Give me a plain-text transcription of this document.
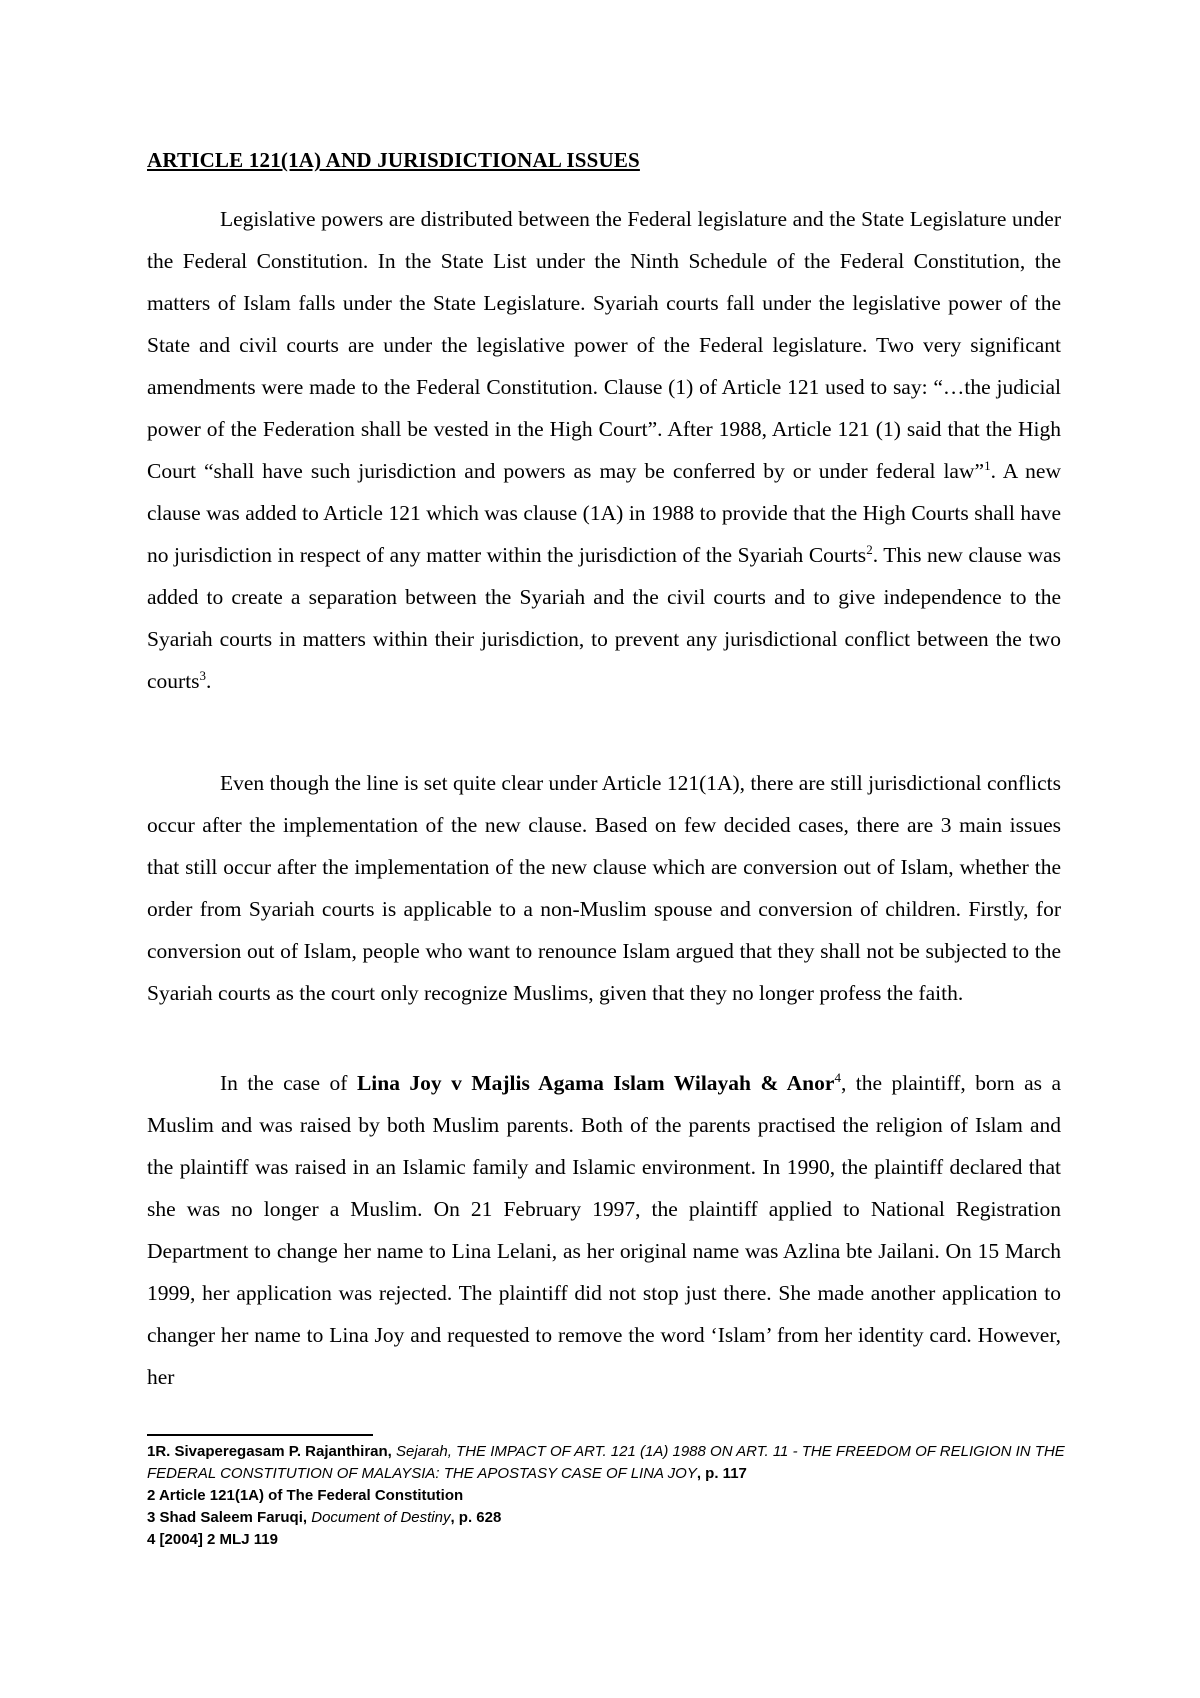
ARTICLE 121(1A) AND JURISDICTIONAL ISSUES

Legislative powers are distributed between the Federal legislature and the State Legislature under the Federal Constitution. In the State List under the Ninth Schedule of the Federal Constitution, the matters of Islam falls under the State Legislature. Syariah courts fall under the legislative power of the State and civil courts are under the legislative power of the Federal legislature. Two very significant amendments were made to the Federal Constitution. Clause (1) of Article 121 used to say: “…the judicial power of the Federation shall be vested in the High Court”. After 1988, Article 121 (1) said that the High Court “shall have such jurisdiction and powers as may be conferred by or under federal law”$^1$. A new clause was added to Article 121 which was clause (1A) in 1988 to provide that the High Courts shall have no jurisdiction in respect of any matter within the jurisdiction of the Syariah Courts$^2$. This new clause was added to create a separation between the Syariah and the civil courts and to give independence to the Syariah courts in matters within their jurisdiction, to prevent any jurisdictional conflict between the two courts$^3$.

Even though the line is set quite clear under Article 121(1A), there are still jurisdictional conflicts occur after the implementation of the new clause. Based on few decided cases, there are 3 main issues that still occur after the implementation of the new clause which are conversion out of Islam, whether the order from Syariah courts is applicable to a non-Muslim spouse and conversion of children. Firstly, for conversion out of Islam, people who want to renounce Islam argued that they shall not be subjected to the Syariah courts as the court only recognize Muslims, given that they no longer profess the faith.

In the case of Lina Joy v Majlis Agama Islam Wilayah & Anor$^4$, the plaintiff, born as a Muslim and was raised by both Muslim parents. Both of the parents practised the religion of Islam and the plaintiff was raised in an Islamic family and Islamic environment. In 1990, the plaintiff declared that she was no longer a Muslim. On 21 February 1997, the plaintiff applied to National Registration Department to change her name to Lina Lelani, as her original name was Azlina bte Jailani. On 15 March 1999, her application was rejected. The plaintiff did not stop just there. She made another application to changer her name to Lina Joy and requested to remove the word ‘Islam’ from her identity card. However, her

1R. Sivaperegasam P. Rajanthiran, Sejarah, THE IMPACT OF ART. 121 (1A) 1988 ON ART. 11 - THE FREEDOM OF RELIGION IN THE FEDERAL CONSTITUTION OF MALAYSIA: THE APOSTASY CASE OF LINA JOY, p. 117
2 Article 121(1A) of The Federal Constitution
3 Shad Saleem Faruqi, Document of Destiny, p. 628
4 [2004] 2 MLJ 119
